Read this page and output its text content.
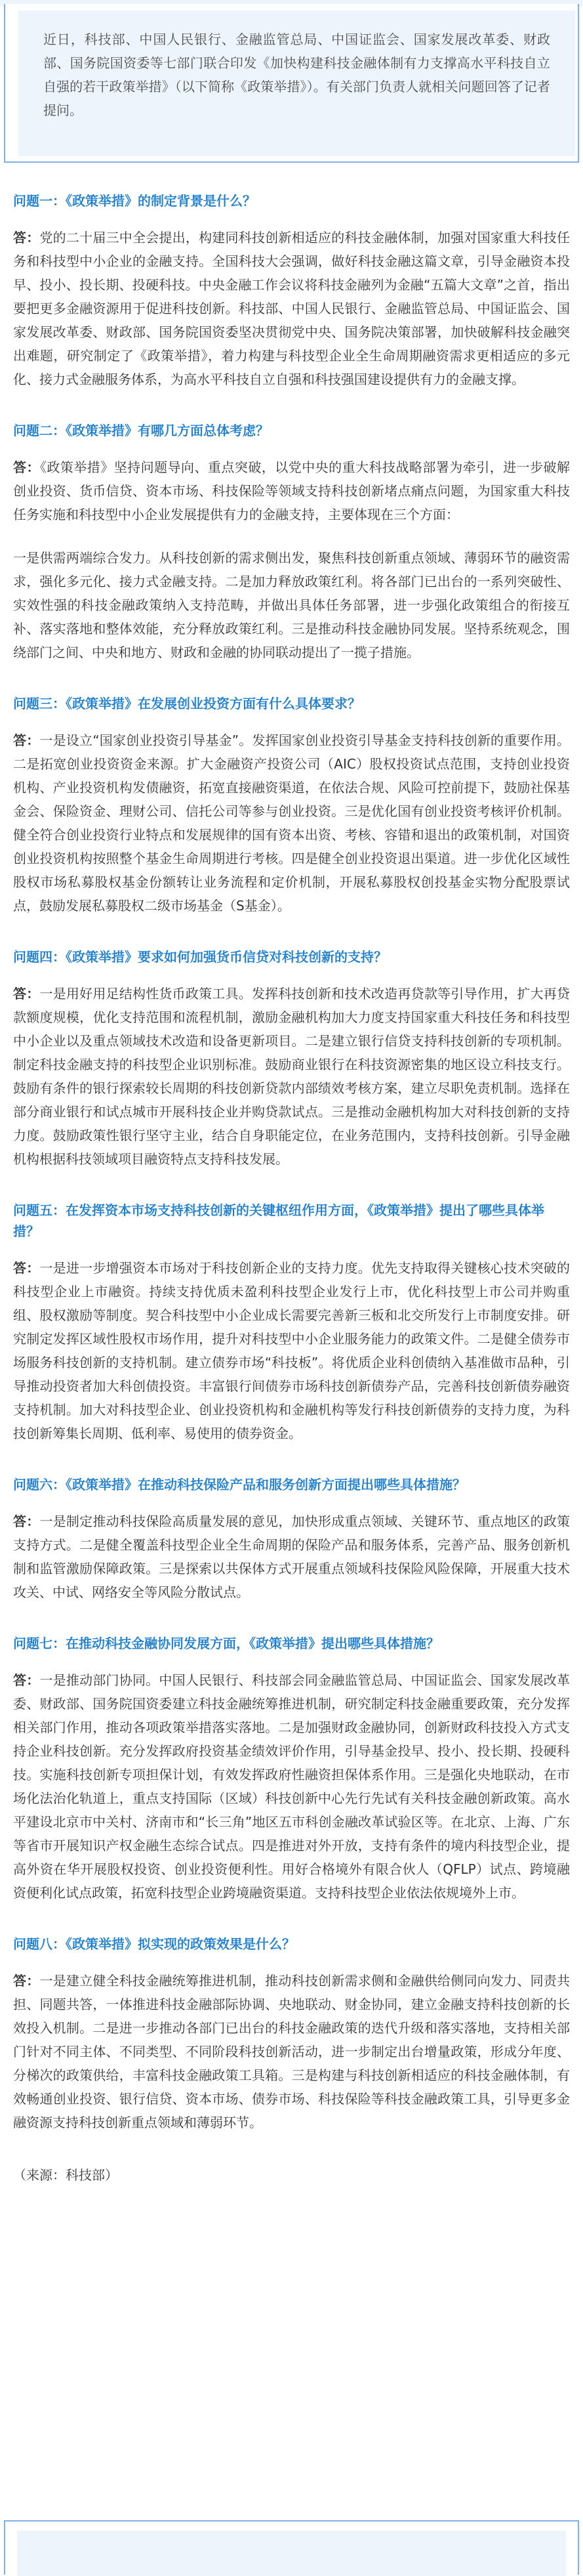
近日，科技部、中国人民银行、金融监管总局、中国证监会、国家发展改革委、财政部、国务院国资委等七部门联合印发《加快构建科技金融体制有力支撑高水平科技自立自强的若干政策举措》（以下简称《政策举措》）。有关部门负责人就相关问题回答了记者提问。

问题一：《政策举措》的制定背景是什么？

答：党的二十届三中全会提出，构建同科技创新相适应的科技金融体制，加强对国家重大科技任务和科技型中小企业的金融支持。全国科技大会强调，做好科技金融这篇文章，引导金融资本投早、投小、投长期、投硬科技。中央金融工作会议将科技金融列为金融“五篇大文章”之首，指出要把更多金融资源用于促进科技创新。科技部、中国人民银行、金融监管总局、中国证监会、国家发展改革委、财政部、国务院国资委坚决贯彻党中央、国务院决策部署，加快破解科技金融突出难题，研究制定了《政策举措》，着力构建与科技型企业全生命周期融资需求更相适应的多元化、接力式金融服务体系，为高水平科技自立自强和科技强国建设提供有力的金融支撑。

问题二：《政策举措》有哪几方面总体考虑？

答：《政策举措》坚持问题导向、重点突破，以党中央的重大科技战略部署为牵引，进一步破解创业投资、货币信贷、资本市场、科技保险等领域支持科技创新堵点痛点问题，为国家重大科技任务实施和科技型中小企业发展提供有力的金融支持，主要体现在三个方面：

一是供需两端综合发力。从科技创新的需求侧出发，聚焦科技创新重点领域、薄弱环节的融资需求，强化多元化、接力式金融支持。二是加力释放政策红利。将各部门已出台的一系列突破性、实效性强的科技金融政策纳入支持范畴，并做出具体任务部署，进一步强化政策组合的衔接互补、落实落地和整体效能，充分释放政策红利。三是推动科技金融协同发展。坚持系统观念，围绕部门之间、中央和地方、财政和金融的协同联动提出了一揽子措施。

问题三：《政策举措》在发展创业投资方面有什么具体要求？

答：一是设立“国家创业投资引导基金”。发挥国家创业投资引导基金支持科技创新的重要作用。二是拓宽创业投资资金来源。扩大金融资产投资公司（AIC）股权投资试点范围，支持创业投资机构、产业投资机构发债融资，拓宽直接融资渠道，在依法合规、风险可控前提下，鼓励社保基金会、保险资金、理财公司、信托公司等参与创业投资。三是优化国有创业投资考核评价机制。健全符合创业投资行业特点和发展规律的国有资本出资、考核、容错和退出的政策机制，对国资创业投资机构按照整个基金生命周期进行考核。四是健全创业投资退出渠道。进一步优化区域性股权市场私募股权基金份额转让业务流程和定价机制，开展私募股权创投基金实物分配股票试点，鼓励发展私募股权二级市场基金（S基金）。

问题四：《政策举措》要求如何加强货币信贷对科技创新的支持？

答：一是用好用足结构性货币政策工具。发挥科技创新和技术改造再贷款等引导作用，扩大再贷款额度规模，优化支持范围和流程机制，激励金融机构加大力度支持国家重大科技任务和科技型中小企业以及重点领域技术改造和设备更新项目。二是建立银行信贷支持科技创新的专项机制。制定科技金融支持的科技型企业识别标准。鼓励商业银行在科技资源密集的地区设立科技支行。鼓励有条件的银行探索较长周期的科技创新贷款内部绩效考核方案，建立尽职免责机制。选择在部分商业银行和试点城市开展科技企业并购贷款试点。三是推动金融机构加大对科技创新的支持力度。鼓励政策性银行坚守主业，结合自身职能定位，在业务范围内，支持科技创新。引导金融机构根据科技领域项目融资特点支持科技发展。

问题五：在发挥资本市场支持科技创新的关键枢纽作用方面，《政策举措》提出了哪些具体举措？

答：一是进一步增强资本市场对于科技创新企业的支持力度。优先支持取得关键核心技术突破的科技型企业上市融资。持续支持优质未盈利科技型企业发行上市，优化科技型上市公司并购重组、股权激励等制度。契合科技型中小企业成长需要完善新三板和北交所发行上市制度安排。研究制定发挥区域性股权市场作用，提升对科技型中小企业服务能力的政策文件。二是健全债券市场服务科技创新的支持机制。建立债券市场“科技板”。将优质企业科创债纳入基准做市品种，引导推动投资者加大科创债投资。丰富银行间债券市场科技创新债券产品，完善科技创新债券融资支持机制。加大对科技型企业、创业投资机构和金融机构等发行科技创新债券的支持力度，为科技创新筹集长周期、低利率、易使用的债券资金。

问题六：《政策举措》在推动科技保险产品和服务创新方面提出哪些具体措施？

答：一是制定推动科技保险高质量发展的意见，加快形成重点领域、关键环节、重点地区的政策支持方式。二是健全覆盖科技型企业全生命周期的保险产品和服务体系，完善产品、服务创新机制和监管激励保障政策。三是探索以共保体方式开展重点领域科技保险风险保障，开展重大技术攻关、中试、网络安全等风险分散试点。

问题七：在推动科技金融协同发展方面，《政策举措》提出哪些具体措施？

答：一是推动部门协同。中国人民银行、科技部会同金融监管总局、中国证监会、国家发展改革委、财政部、国务院国资委建立科技金融统筹推进机制，研究制定科技金融重要政策，充分发挥相关部门作用，推动各项政策举措落实落地。二是加强财政金融协同，创新财政科技投入方式支持企业科技创新。充分发挥政府投资基金绩效评价作用，引导基金投早、投小、投长期、投硬科技。实施科技创新专项担保计划，有效发挥政府性融资担保体系作用。三是强化央地联动，在市场化法治化轨道上，重点支持国际（区域）科技创新中心先行先试有关科技金融创新政策。高水平建设北京市中关村、济南市和“长三角”地区五市科创金融改革试验区等。在北京、上海、广东等省市开展知识产权金融生态综合试点。四是推进对外开放，支持有条件的境内科技型企业，提高外资在华开展股权投资、创业投资便利性。用好合格境外有限合伙人（QFLP）试点、跨境融资便利化试点政策，拓宽科技型企业跨境融资渠道。支持科技型企业依法依规境外上市。

问题八：《政策举措》拟实现的政策效果是什么？

答：一是建立健全科技金融统筹推进机制，推动科技创新需求侧和金融供给侧同向发力、同责共担、同题共答，一体推进科技金融部际协调、央地联动、财金协同，建立金融支持科技创新的长效投入机制。二是进一步推动各部门已出台的科技金融政策的迭代升级和落实落地，支持相关部门针对不同主体、不同类型、不同阶段科技创新活动，进一步制定出台增量政策，形成分年度、分梯次的政策供给，丰富科技金融政策工具箱。三是构建与科技创新相适应的科技金融体制，有效畅通创业投资、银行信贷、资本市场、债券市场、科技保险等科技金融政策工具，引导更多金融资源支持科技创新重点领域和薄弱环节。

（来源：科技部）
